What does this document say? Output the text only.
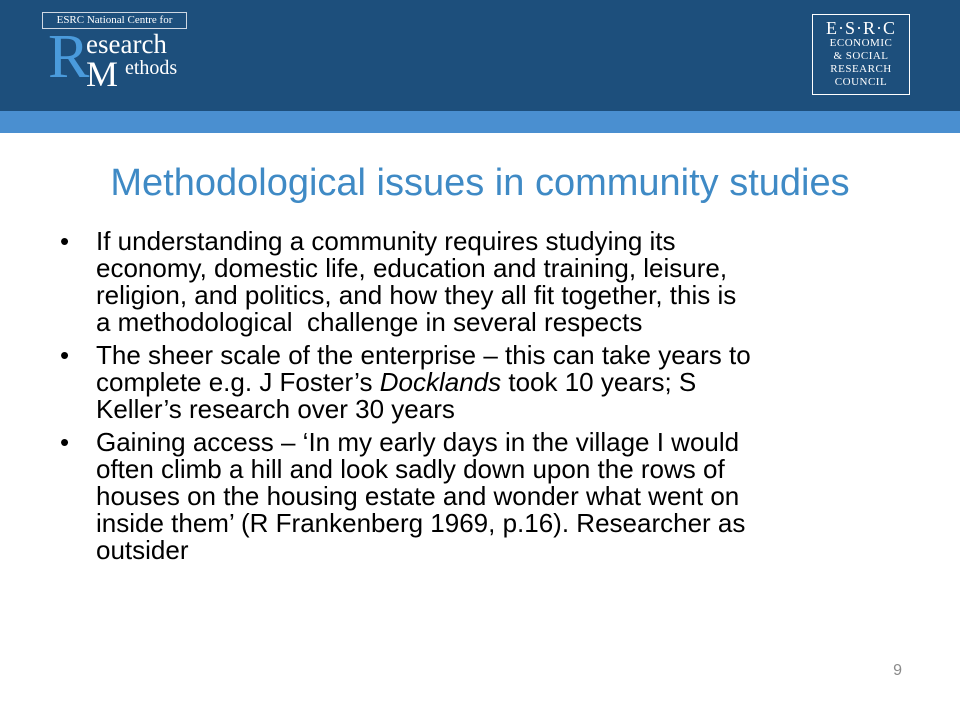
ESRC National Centre for
R
esearch
M ethods
E·S·R·C
ECONOMIC
& SOCIAL
RESEARCH
COUNCIL
Methodological issues in community studies
• If understanding a community requires studying its
economy, domestic life, education and training, leisure,
religion, and politics, and how they all fit together, this is
a methodological  challenge in several respects
• The sheer scale of the enterprise – this can take years to
complete e.g. J Foster’s Docklands took 10 years; S
Keller’s research over 30 years
• Gaining access – ‘In my early days in the village I would
often climb a hill and look sadly down upon the rows of
houses on the housing estate and wonder what went on
inside them’ (R Frankenberg 1969, p.16). Researcher as
outsider
9
